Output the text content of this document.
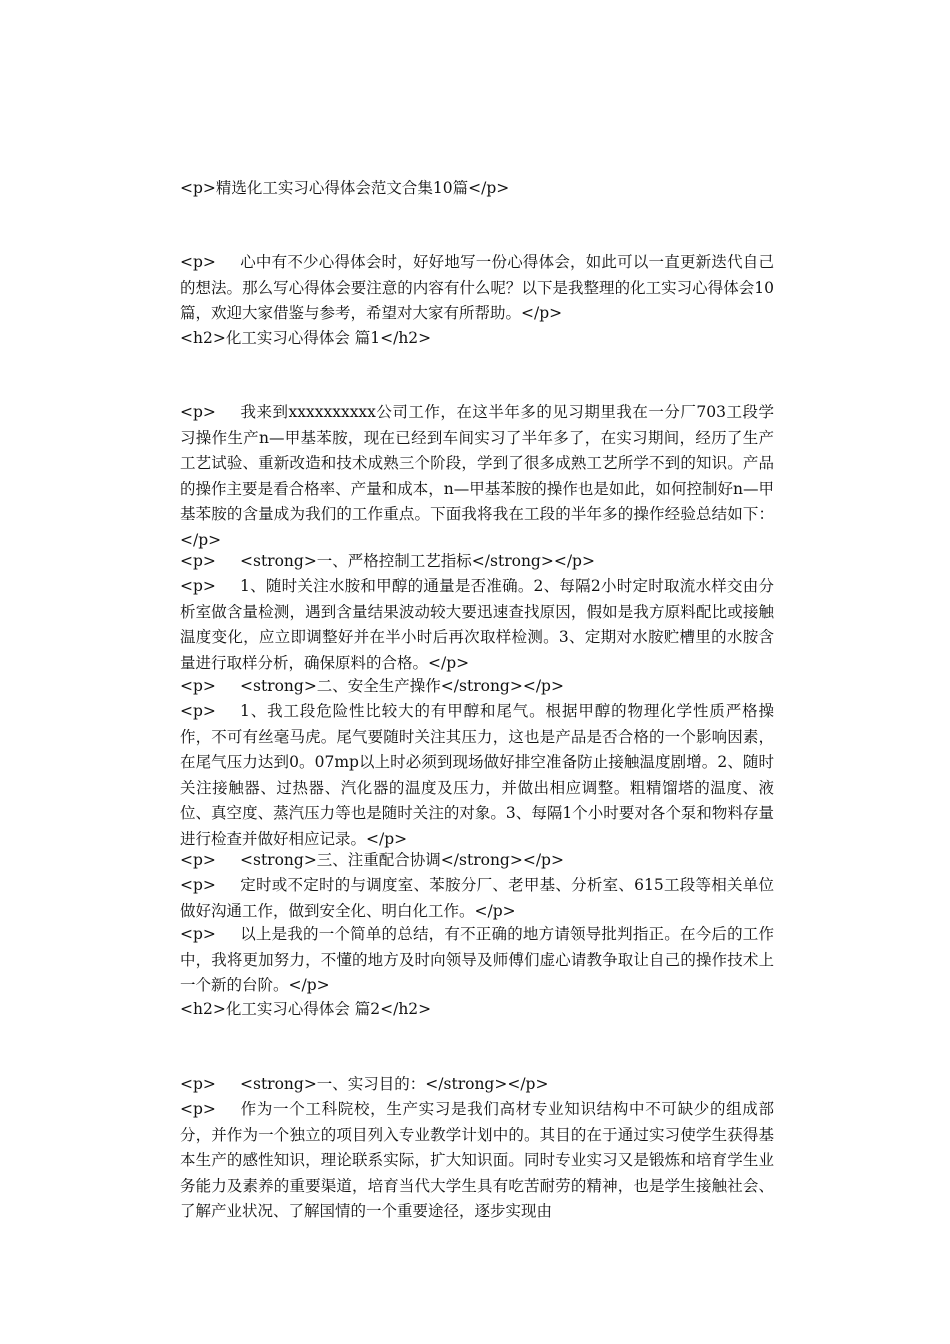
<p>精选化工实习心得体会范文合集10篇</p>
<p> 心中有不少心得体会时，好好地写一份心得体会，如此可以一直更新迭代自己的想法。那么写心得体会要注意的内容有什么呢？以下是我整理的化工实习心得体会10篇，欢迎大家借鉴与参考，希望对大家有所帮助。</p>
<h2>化工实习心得体会 篇1</h2>
<p> 我来到xxxxxxxxxx公司工作，在这半年多的见习期里我在一分厂703工段学习操作生产n—甲基苯胺，现在已经到车间实习了半年多了，在实习期间，经历了生产工艺试验、重新改造和技术成熟三个阶段，学到了很多成熟工艺所学不到的知识。产品的操作主要是看合格率、产量和成本，n—甲基苯胺的操作也是如此，如何控制好n—甲基苯胺的含量成为我们的工作重点。下面我将我在工段的半年多的操作经验总结如下：</p>
<p> <strong>一、严格控制工艺指标</strong></p>
<p> 1、随时关注水胺和甲醇的通量是否准确。2、每隔2小时定时取流水样交由分析室做含量检测，遇到含量结果波动较大要迅速查找原因，假如是我方原料配比或接触温度变化，应立即调整好并在半小时后再次取样检测。3、定期对水胺贮槽里的水胺含量进行取样分析，确保原料的合格。</p>
<p> <strong>二、安全生产操作</strong></p>
<p> 1、我工段危险性比较大的有甲醇和尾气。根据甲醇的物理化学性质严格操作，不可有丝毫马虎。尾气要随时关注其压力，这也是产品是否合格的一个影响因素，在尾气压力达到0。07mp以上时必须到现场做好排空准备防止接触温度剧增。2、随时关注接触器、过热器、汽化器的温度及压力，并做出相应调整。粗精馏塔的温度、液位、真空度、蒸汽压力等也是随时关注的对象。3、每隔1个小时要对各个泵和物料存量进行检查并做好相应记录。</p>
<p> <strong>三、注重配合协调</strong></p>
<p> 定时或不定时的与调度室、苯胺分厂、老甲基、分析室、615工段等相关单位做好沟通工作，做到安全化、明白化工作。</p>
<p> 以上是我的一个简单的总结，有不正确的地方请领导批判指正。在今后的工作中，我将更加努力，不懂的地方及时向领导及师傅们虚心请教争取让自己的操作技术上一个新的台阶。</p>
<h2>化工实习心得体会 篇2</h2>
<p> <strong>一、实习目的：</strong></p>
<p> 作为一个工科院校，生产实习是我们高材专业知识结构中不可缺少的组成部分，并作为一个独立的项目列入专业教学计划中的。其目的在于通过实习使学生获得基本生产的感性知识，理论联系实际，扩大知识面。同时专业实习又是锻炼和培育学生业务能力及素养的重要渠道，培育当代大学生具有吃苦耐劳的精神，也是学生接触社会、了解产业状况、了解国情的一个重要途径，逐步实现由
